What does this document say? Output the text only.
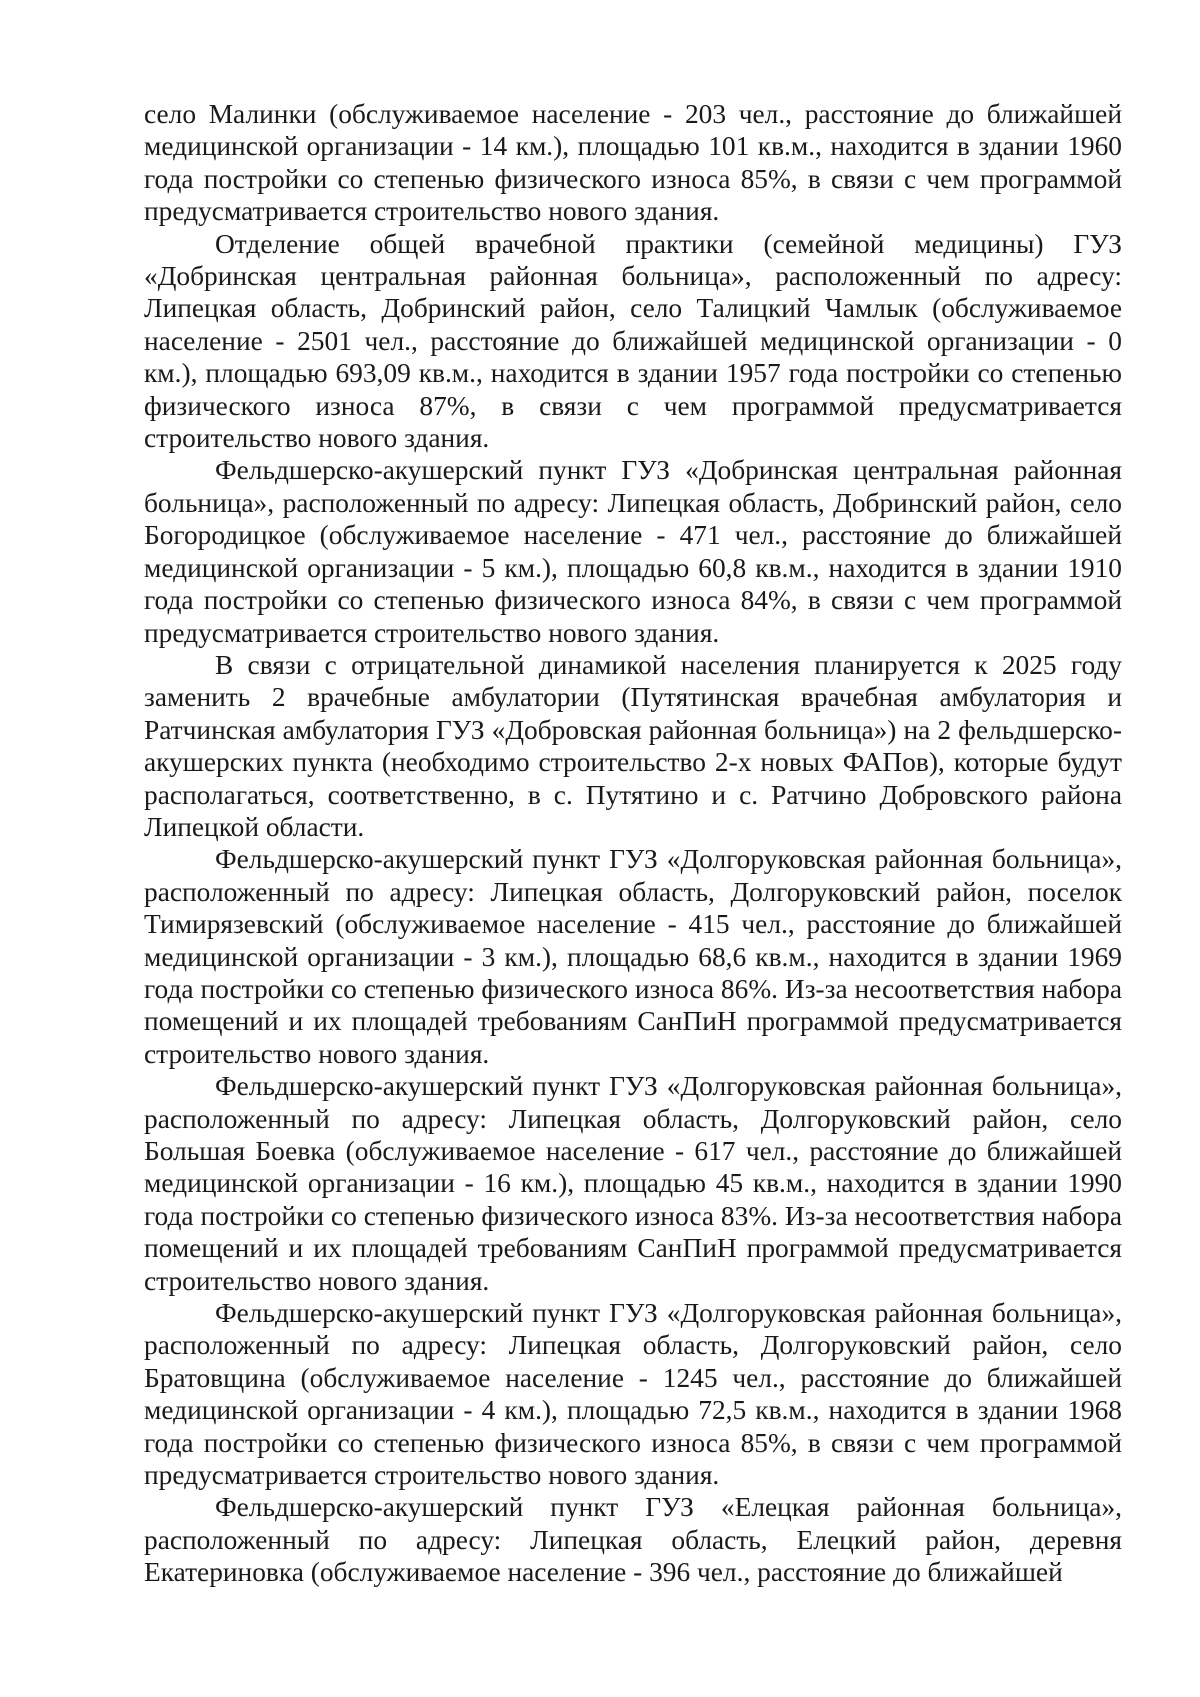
село Малинки (обслуживаемое население - 203 чел., расстояние до ближайшей медицинской организации - 14 км.), площадью 101 кв.м., находится в здании 1960 года постройки со степенью физического износа 85%, в связи с чем программой предусматривается строительство нового здания.

Отделение общей врачебной практики (семейной медицины) ГУЗ «Добринская центральная районная больница», расположенный по адресу: Липецкая область, Добринский район, село Талицкий Чамлык (обслуживаемое население - 2501 чел., расстояние до ближайшей медицинской организации - 0 км.), площадью 693,09 кв.м., находится в здании 1957 года постройки со степенью физического износа 87%, в связи с чем программой предусматривается строительство нового здания.

Фельдшерско-акушерский пункт ГУЗ «Добринская центральная районная больница», расположенный по адресу: Липецкая область, Добринский район, село Богородицкое (обслуживаемое население - 471 чел., расстояние до ближайшей медицинской организации - 5 км.), площадью 60,8 кв.м., находится в здании 1910 года постройки со степенью физического износа 84%, в связи с чем программой предусматривается строительство нового здания.

В связи с отрицательной динамикой населения планируется к 2025 году заменить 2 врачебные амбулатории (Путятинская врачебная амбулатория и Ратчинская амбулатория ГУЗ «Добровская районная больница») на 2 фельдшерско-акушерских пункта (необходимо строительство 2-х новых ФАПов), которые будут располагаться, соответственно, в с. Путятино и с. Ратчино Добровского района Липецкой области.

Фельдшерско-акушерский пункт ГУЗ «Долгоруковская районная больница», расположенный по адресу: Липецкая область, Долгоруковский район, поселок Тимирязевский (обслуживаемое население - 415 чел., расстояние до ближайшей медицинской организации - 3 км.), площадью 68,6 кв.м., находится в здании 1969 года постройки со степенью физического износа 86%. Из-за несоответствия набора помещений и их площадей требованиям СанПиН программой предусматривается строительство нового здания.

Фельдшерско-акушерский пункт ГУЗ «Долгоруковская районная больница», расположенный по адресу: Липецкая область, Долгоруковский район, село Большая Боевка (обслуживаемое население - 617 чел., расстояние до ближайшей медицинской организации - 16 км.), площадью 45 кв.м., находится в здании 1990 года постройки со степенью физического износа 83%. Из-за несоответствия набора помещений и их площадей требованиям СанПиН программой предусматривается строительство нового здания.

Фельдшерско-акушерский пункт ГУЗ «Долгоруковская районная больница», расположенный по адресу: Липецкая область, Долгоруковский район, село Братовщина (обслуживаемое население - 1245 чел., расстояние до ближайшей медицинской организации - 4 км.), площадью 72,5 кв.м., находится в здании 1968 года постройки со степенью физического износа 85%, в связи с чем программой предусматривается строительство нового здания.

Фельдшерско-акушерский пункт ГУЗ «Елецкая районная больница», расположенный по адресу: Липецкая область, Елецкий район, деревня Екатериновка (обслуживаемое население - 396 чел., расстояние до ближайшей
